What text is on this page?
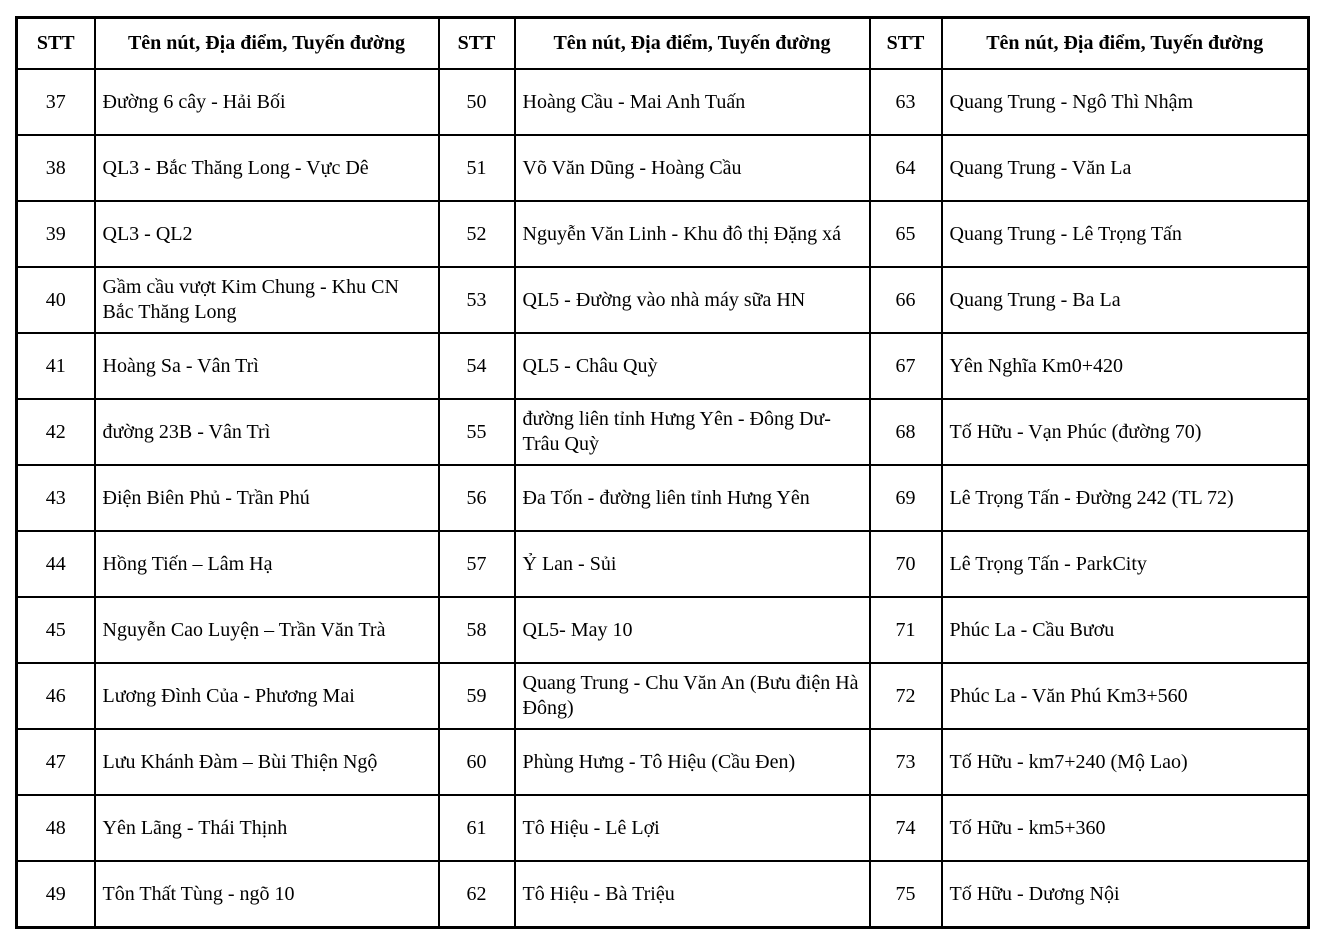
STT	Tên nút, Địa điểm, Tuyến đường	STT	Tên nút, Địa điểm, Tuyến đường	STT	Tên nút, Địa điểm, Tuyến đường
37	Đường 6 cây - Hải Bối	50	Hoàng Cầu - Mai Anh Tuấn	63	Quang Trung - Ngô Thì Nhậm
38	QL3 - Bắc Thăng Long - Vực Dê	51	Võ Văn Dũng - Hoàng Cầu	64	Quang Trung - Văn La
39	QL3 - QL2	52	Nguyễn Văn Linh - Khu đô thị Đặng xá	65	Quang Trung - Lê Trọng Tấn
40	Gầm cầu vượt Kim Chung - Khu CN Bắc Thăng Long	53	QL5 - Đường vào nhà máy sữa HN	66	Quang Trung - Ba La
41	Hoàng Sa - Vân Trì	54	QL5 - Châu Quỳ	67	Yên Nghĩa Km0+420
42	đường 23B - Vân Trì	55	đường liên tỉnh Hưng Yên - Đông Dư- Trâu Quỳ	68	Tố Hữu - Vạn Phúc (đường 70)
43	Điện Biên Phủ - Trần Phú	56	Đa Tốn - đường liên tỉnh Hưng Yên	69	Lê Trọng Tấn - Đường 242 (TL 72)
44	Hồng Tiến – Lâm Hạ	57	Ỷ Lan - Sủi	70	Lê Trọng Tấn - ParkCity
45	Nguyễn Cao Luyện – Trần Văn Trà	58	QL5- May 10	71	Phúc La - Cầu Bươu
46	Lương Đình Của - Phương Mai	59	Quang Trung - Chu Văn An (Bưu điện Hà Đông)	72	Phúc La - Văn Phú Km3+560
47	Lưu Khánh Đàm – Bùi Thiện Ngộ	60	Phùng Hưng - Tô Hiệu (Cầu Đen)	73	Tố Hữu - km7+240 (Mộ Lao)
48	Yên Lãng - Thái Thịnh	61	Tô Hiệu - Lê Lợi	74	Tố Hữu - km5+360
49	Tôn Thất Tùng - ngõ 10	62	Tô Hiệu - Bà Triệu	75	Tố Hữu - Dương Nội
